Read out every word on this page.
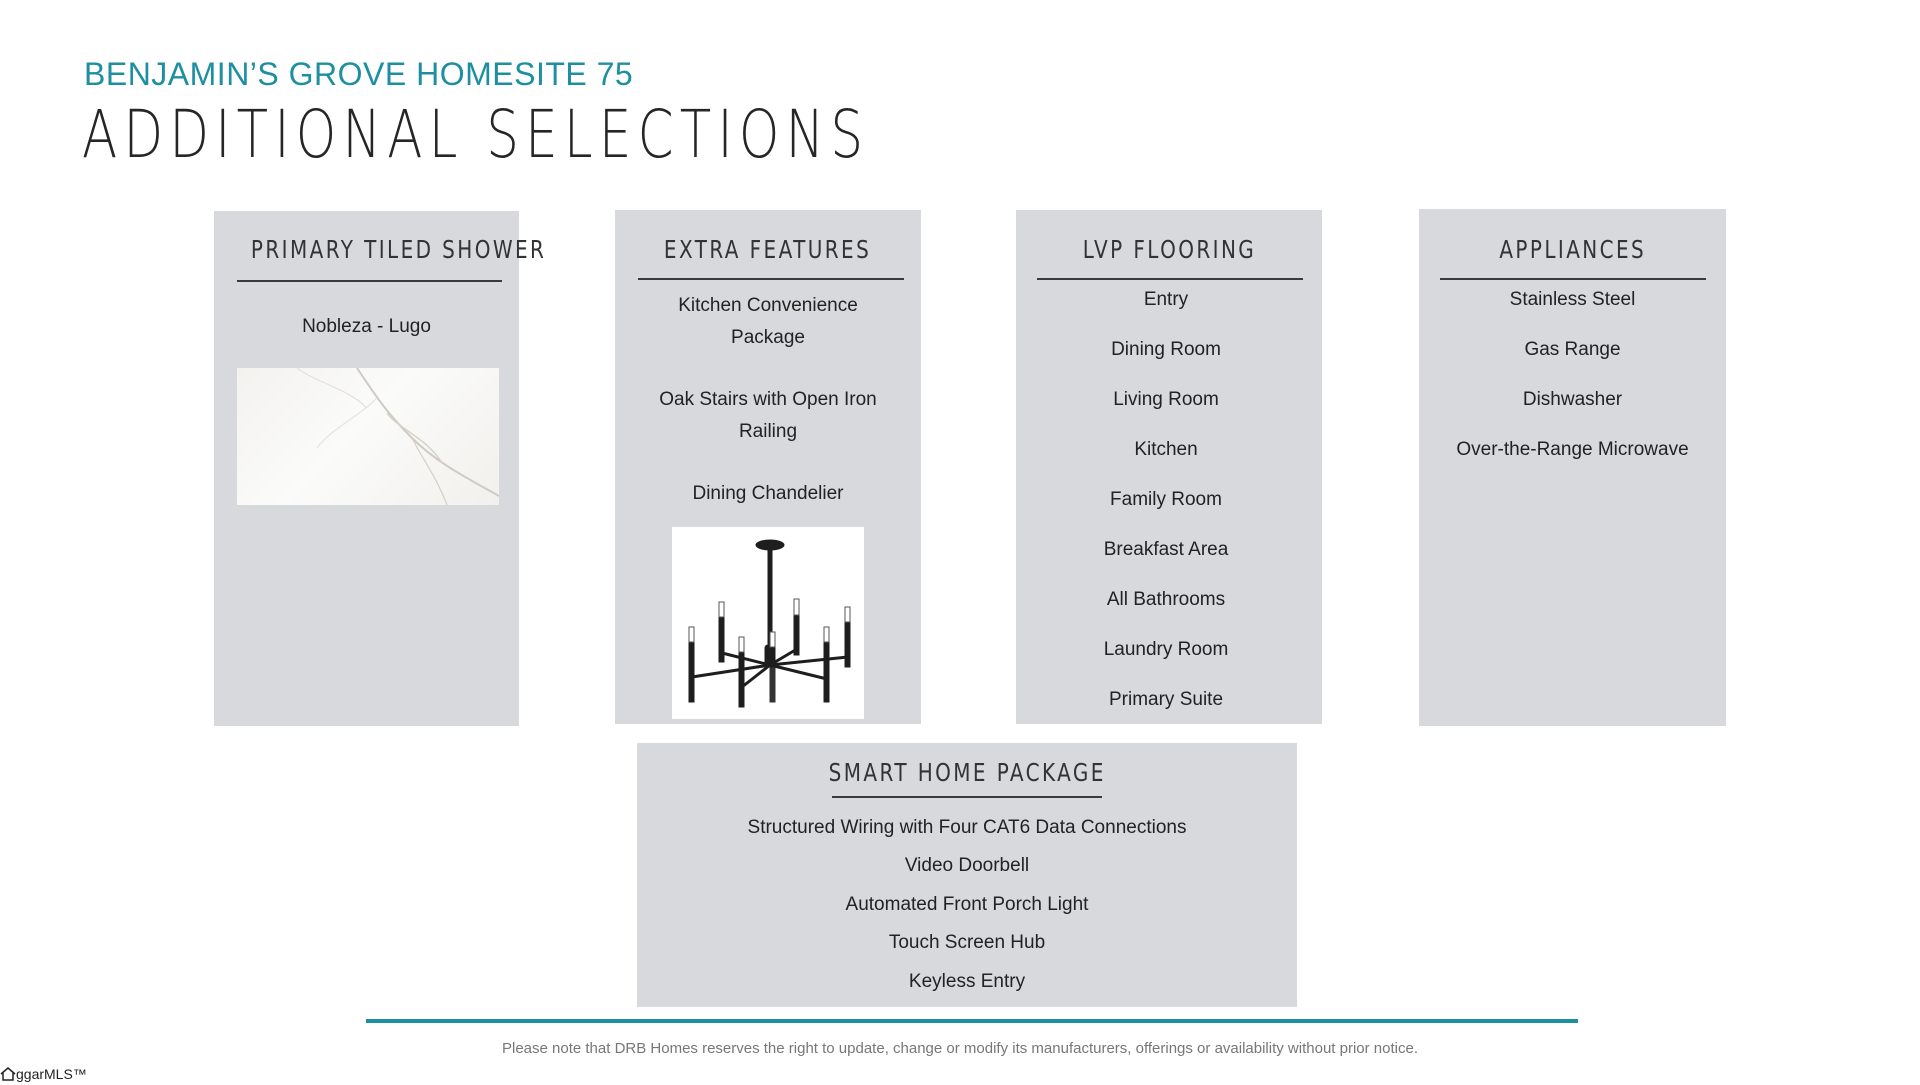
BENJAMIN’S GROVE HOMESITE 75
ADDITIONAL SELECTIONS
PRIMARY TILED SHOWER
Nobleza - Lugo
EXTRA FEATURES
Kitchen Convenience
Package
Oak Stairs with Open Iron
Railing
Dining Chandelier
LVP FLOORING
Entry
Dining Room
Living Room
Kitchen
Family Room
Breakfast Area
All Bathrooms
Laundry Room
Primary Suite
APPLIANCES
Stainless Steel
Gas Range
Dishwasher
Over-the-Range Microwave
SMART HOME PACKAGE
Structured Wiring with Four CAT6 Data Connections
Video Doorbell
Automated Front Porch Light
Touch Screen Hub
Keyless Entry
Please note that DRB Homes reserves the right to update, change or modify its manufacturers, offerings or availability without prior notice.
ggarMLS™
